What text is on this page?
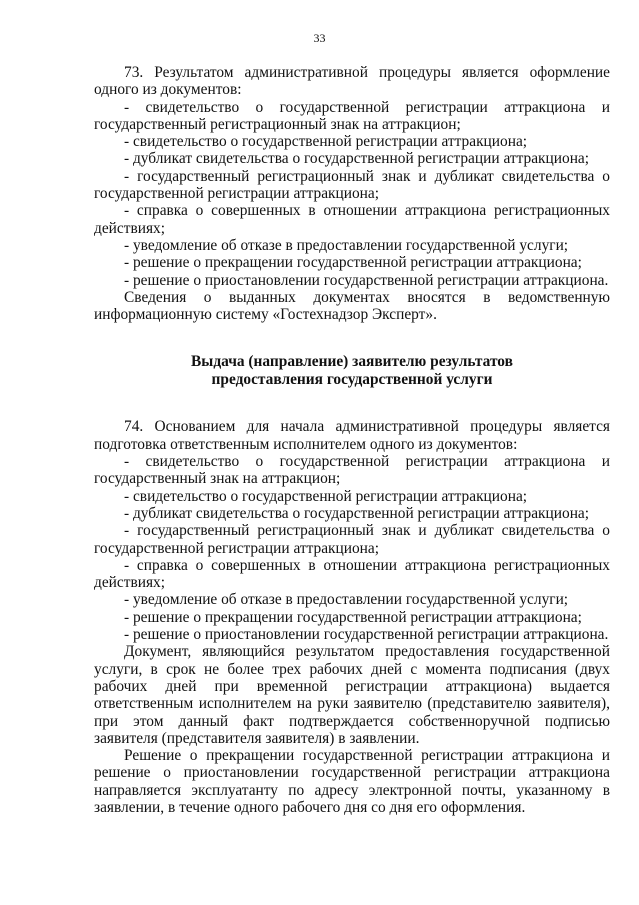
33

73. Результатом административной процедуры является оформление одного из документов:

- свидетельство о государственной регистрации аттракциона и государственный регистрационный знак на аттракцион;

- свидетельство о государственной регистрации аттракциона;

- дубликат свидетельства о государственной регистрации аттракциона;

- государственный регистрационный знак и дубликат свидетельства о государственной регистрации аттракциона;

- справка о совершенных в отношении аттракциона регистрационных действиях;

- уведомление об отказе в предоставлении государственной услуги;

- решение о прекращении государственной регистрации аттракциона;

- решение о приостановлении государственной регистрации аттракциона.

Сведения о выданных документах вносятся в ведомственную информационную систему «Гостехнадзор Эксперт».

Выдача (направление) заявителю результатов
предоставления государственной услуги

74. Основанием для начала административной процедуры является подготовка ответственным исполнителем одного из документов:

- свидетельство о государственной регистрации аттракциона и государственный знак на аттракцион;

- свидетельство о государственной регистрации аттракциона;

- дубликат свидетельства о государственной регистрации аттракциона;

- государственный регистрационный знак и дубликат свидетельства о государственной регистрации аттракциона;

- справка о совершенных в отношении аттракциона регистрационных действиях;

- уведомление об отказе в предоставлении государственной услуги;

- решение о прекращении государственной регистрации аттракциона;

- решение о приостановлении государственной регистрации аттракциона.

Документ, являющийся результатом предоставления государственной услуги, в срок не более трех рабочих дней с момента подписания (двух рабочих дней при временной регистрации аттракциона) выдается ответственным исполнителем на руки заявителю (представителю заявителя), при этом данный факт подтверждается собственноручной подписью заявителя (представителя заявителя) в заявлении.

Решение о прекращении государственной регистрации аттракциона и решение о приостановлении государственной регистрации аттракциона направляется эксплуатанту по адресу электронной почты, указанному в заявлении, в течение одного рабочего дня со дня его оформления.
